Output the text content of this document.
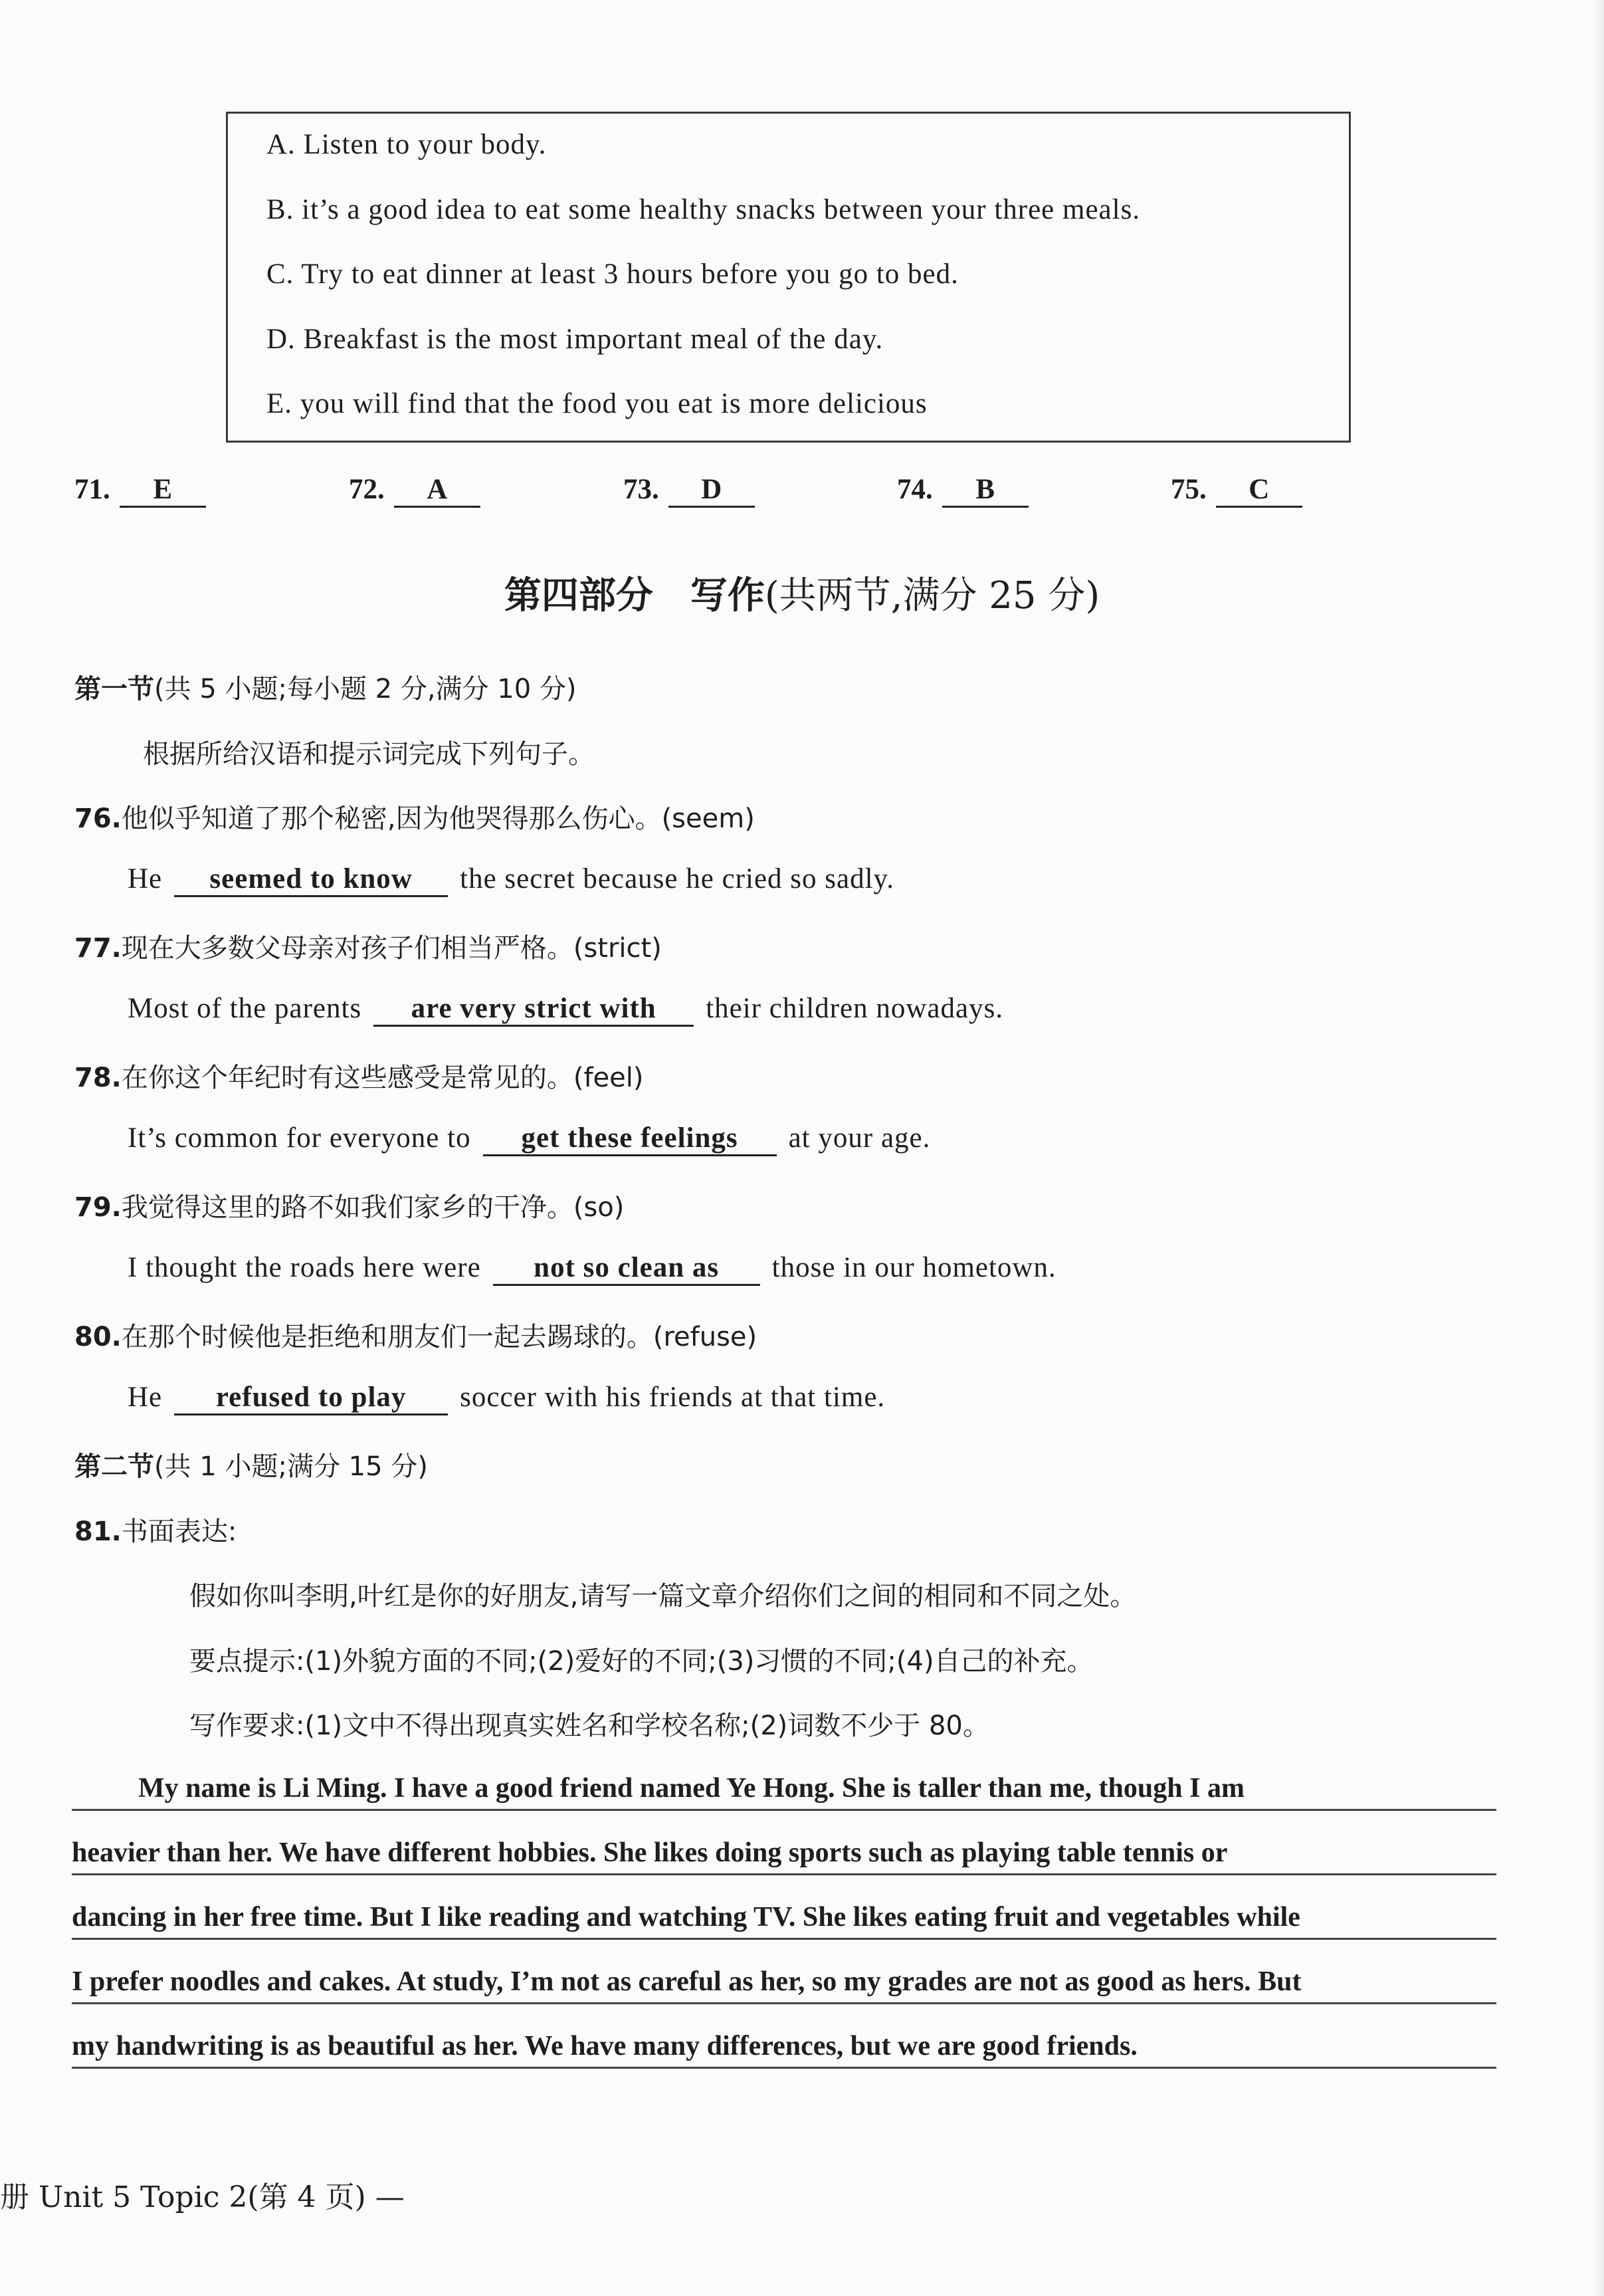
A. Listen to your body.
B. it’s a good idea to eat some healthy snacks between your three meals.
C. Try to eat dinner at least 3 hours before you go to bed.
D. Breakfast is the most important meal of the day.
E. you will find that the food you eat is more delicious
71. E	72. A	73. D	74. B	75. C
第四部分　写作(共两节,满分 25 分)
第一节(共 5 小题;每小题 2 分,满分 10 分)
根据所给汉语和提示词完成下列句子。
76.他似乎知道了那个秘密,因为他哭得那么伤心。(seem)
He seemed to know the secret because he cried so sadly.
77.现在大多数父母亲对孩子们相当严格。(strict)
Most of the parents are very strict with their children nowadays.
78.在你这个年纪时有这些感受是常见的。(feel)
It’s common for everyone to get these feelings at your age.
79.我觉得这里的路不如我们家乡的干净。(so)
I thought the roads here were not so clean as those in our hometown.
80.在那个时候他是拒绝和朋友们一起去踢球的。(refuse)
He refused to play soccer with his friends at that time.
第二节(共 1 小题;满分 15 分)
81.书面表达:
假如你叫李明,叶红是你的好朋友,请写一篇文章介绍你们之间的相同和不同之处。
要点提示:(1)外貌方面的不同;(2)爱好的不同;(3)习惯的不同;(4)自己的补充。
写作要求:(1)文中不得出现真实姓名和学校名称;(2)词数不少于 80。
My name is Li Ming. I have a good friend named Ye Hong. She is taller than me, though I am
heavier than her. We have different hobbies. She likes doing sports such as playing table tennis or
dancing in her free time. But I like reading and watching TV. She likes eating fruit and vegetables while
I prefer noodles and cakes. At study, I’m not as careful as her, so my grades are not as good as hers. But
my handwriting is as beautiful as her. We have many differences, but we are good friends.
册 Unit 5 Topic 2(第 4 页) —
